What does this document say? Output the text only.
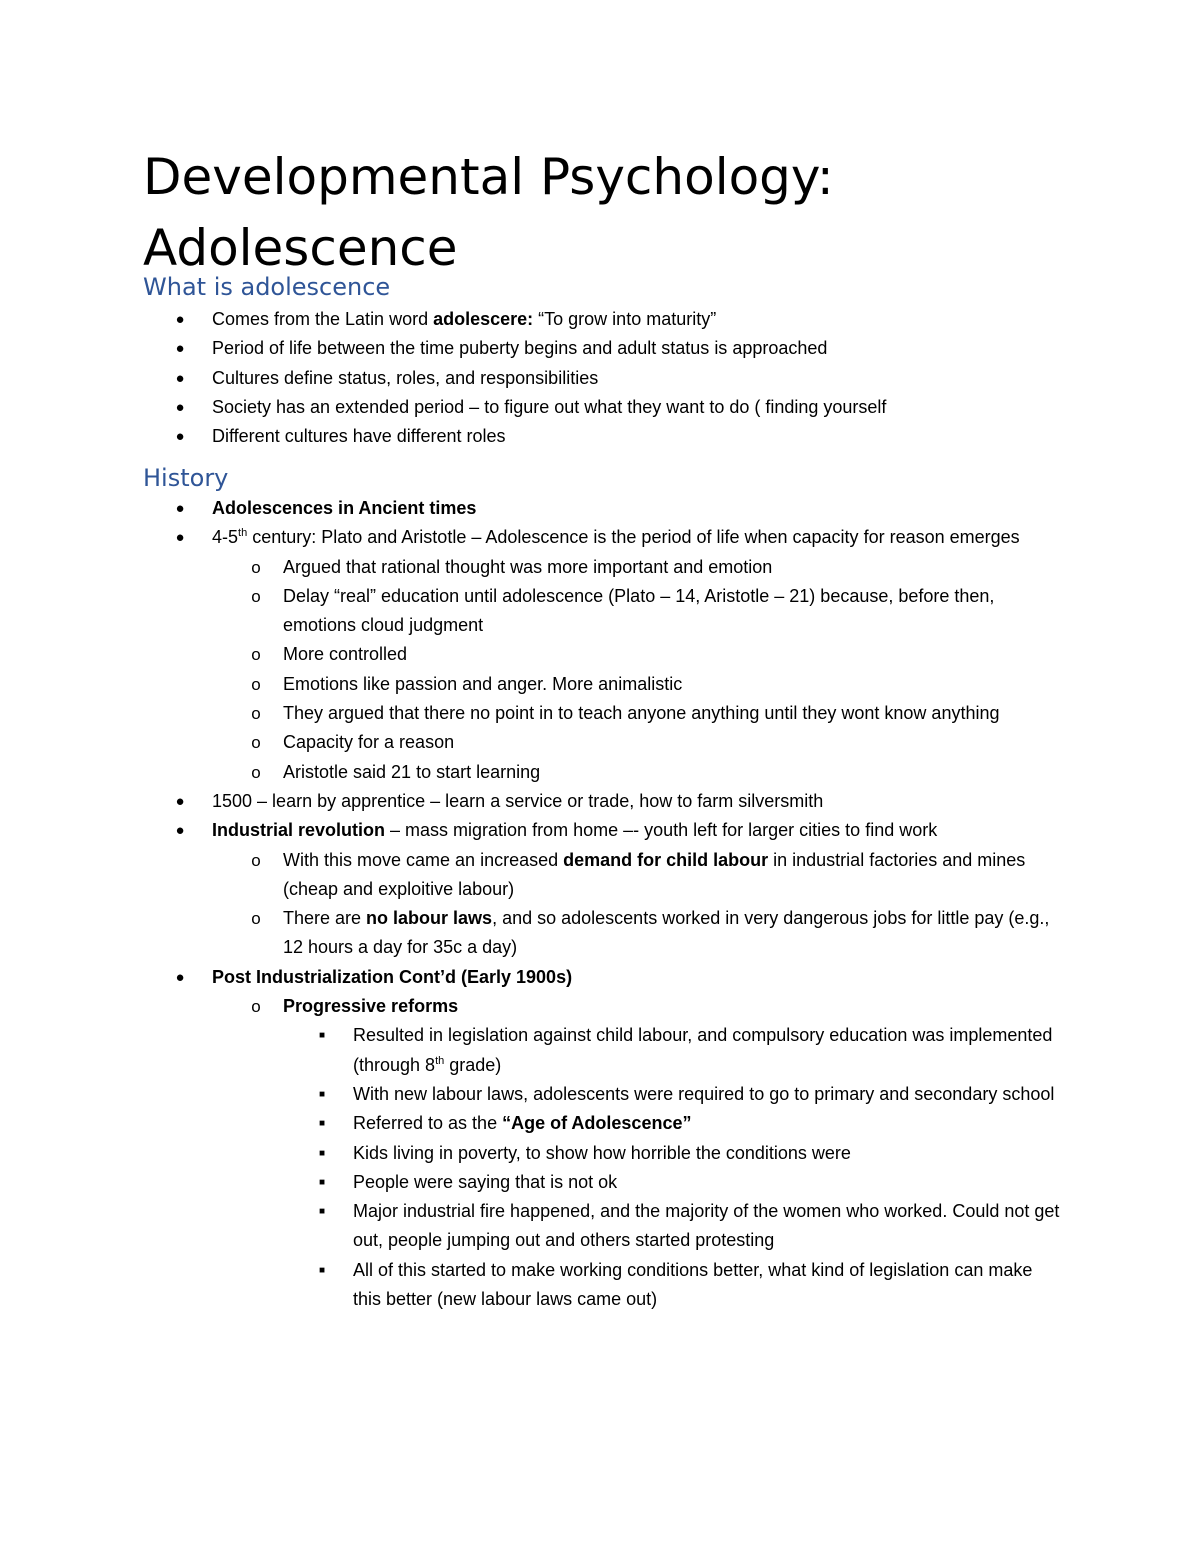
Developmental Psychology: Adolescence
What is adolescence
●	Comes from the Latin word adolescere: “To grow into maturity”
●	Period of life between the time puberty begins and adult status is approached
●	Cultures define status, roles, and responsibilities
●	Society has an extended period – to figure out what they want to do ( finding yourself
●	Different cultures have different roles
History
●	Adolescences in Ancient times
●	4-5th century: Plato and Aristotle – Adolescence is the period of life when capacity for reason emerges
o Argued that rational thought was more important and emotion
o Delay “real” education until adolescence (Plato – 14, Aristotle – 21) because, before then, emotions cloud judgment
o More controlled
o Emotions like passion and anger. More animalistic
o They argued that there no point in to teach anyone anything until they wont know anything
o Capacity for a reason
o Aristotle said 21 to start learning
●	1500 – learn by apprentice – learn a service or trade, how to farm silversmith
●	Industrial revolution – mass migration from home –- youth left for larger cities to find work
o With this move came an increased demand for child labour in industrial factories and mines (cheap and exploitive labour)
o There are no labour laws, and so adolescents worked in very dangerous jobs for little pay (e.g., 12 hours a day for 35c a day)
●	Post Industrialization Cont’d (Early 1900s)
o Progressive reforms
■	Resulted in legislation against child labour, and compulsory education was implemented (through 8th grade)
■	With new labour laws, adolescents were required to go to primary and secondary school
■	Referred to as the “Age of Adolescence”
■	Kids living in poverty, to show how horrible the conditions were
■	People were saying that is not ok
■	Major industrial fire happened, and the majority of the women who worked. Could not get out, people jumping out and others started protesting
■	All of this started to make working conditions better, what kind of legislation can make this better (new labour laws came out)
